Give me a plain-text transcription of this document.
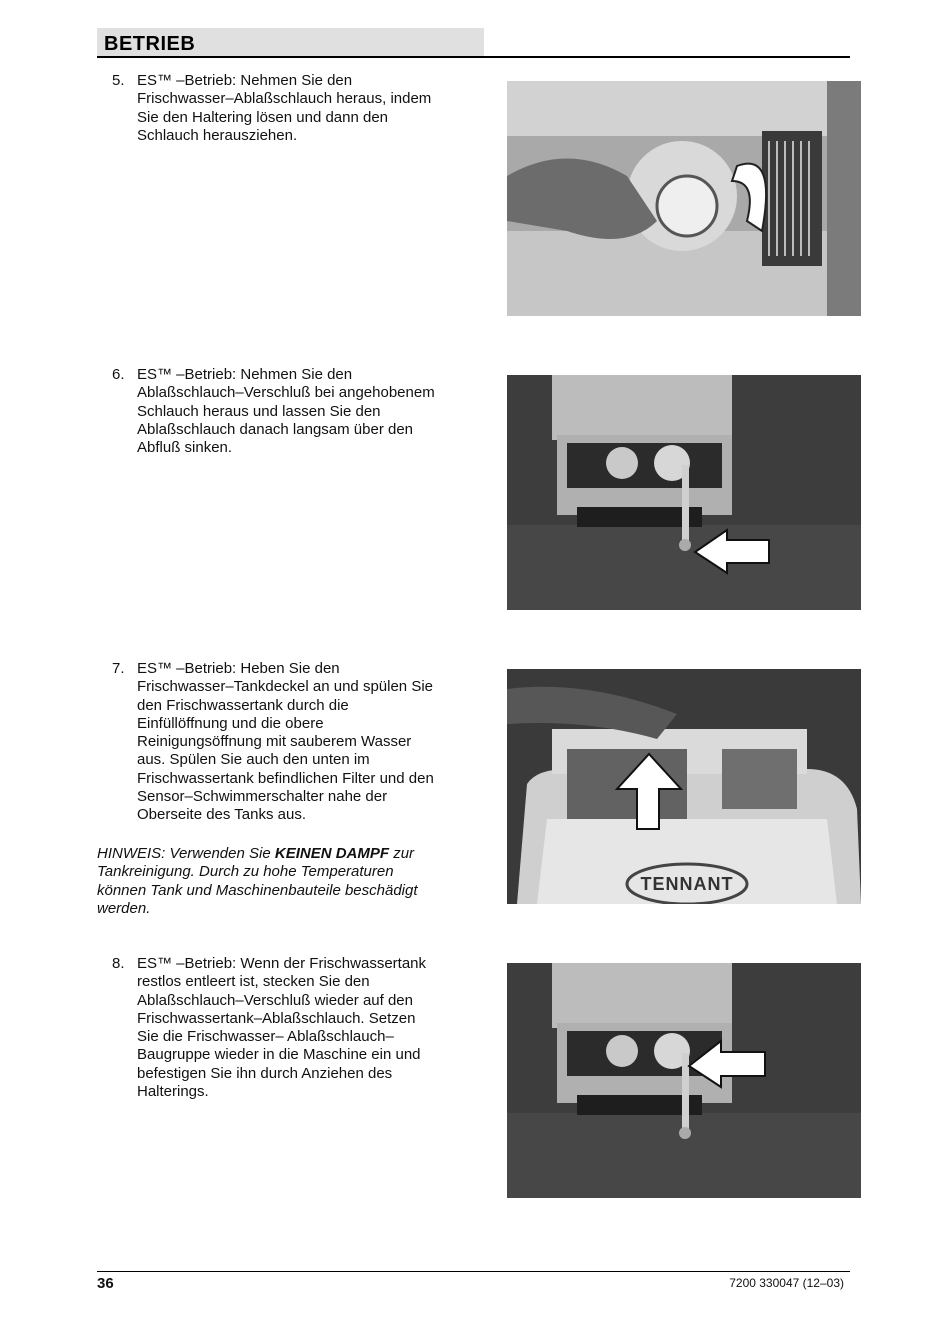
BETRIEB
5. ES™ –Betrieb: Nehmen Sie den
Frischwasser–Ablaßschlauch heraus, indem
Sie den Haltering lösen und dann den
Schlauch herausziehen.
6. ES™ –Betrieb: Nehmen Sie den
Ablaßschlauch–Verschluß bei angehobenem
Schlauch heraus und lassen Sie den
Ablaßschlauch danach langsam über den
Abfluß sinken.
7. ES™ –Betrieb: Heben Sie den
Frischwasser–Tankdeckel an und spülen Sie
den Frischwassertank durch die
Einfüllöffnung und die obere
Reinigungsöffnung mit sauberem Wasser
aus. Spülen Sie auch den unten im
Frischwassertank befindlichen Filter und den
Sensor–Schwimmerschalter nahe der
Oberseite des Tanks aus.
TENNANT
HINWEIS: Verwenden Sie KEINEN DAMPF zur
Tankreinigung. Durch zu hohe Temperaturen
können Tank und Maschinenbauteile beschädigt
werden.
8. ES™ –Betrieb: Wenn der Frischwassertank
restlos entleert ist, stecken Sie den
Ablaßschlauch–Verschluß wieder auf den
Frischwassertank–Ablaßschlauch. Setzen
Sie die Frischwasser– Ablaßschlauch–
Baugruppe wieder in die Maschine ein und
befestigen Sie ihn durch Anziehen des
Halterings.
36	7200 330047 (12–03)
